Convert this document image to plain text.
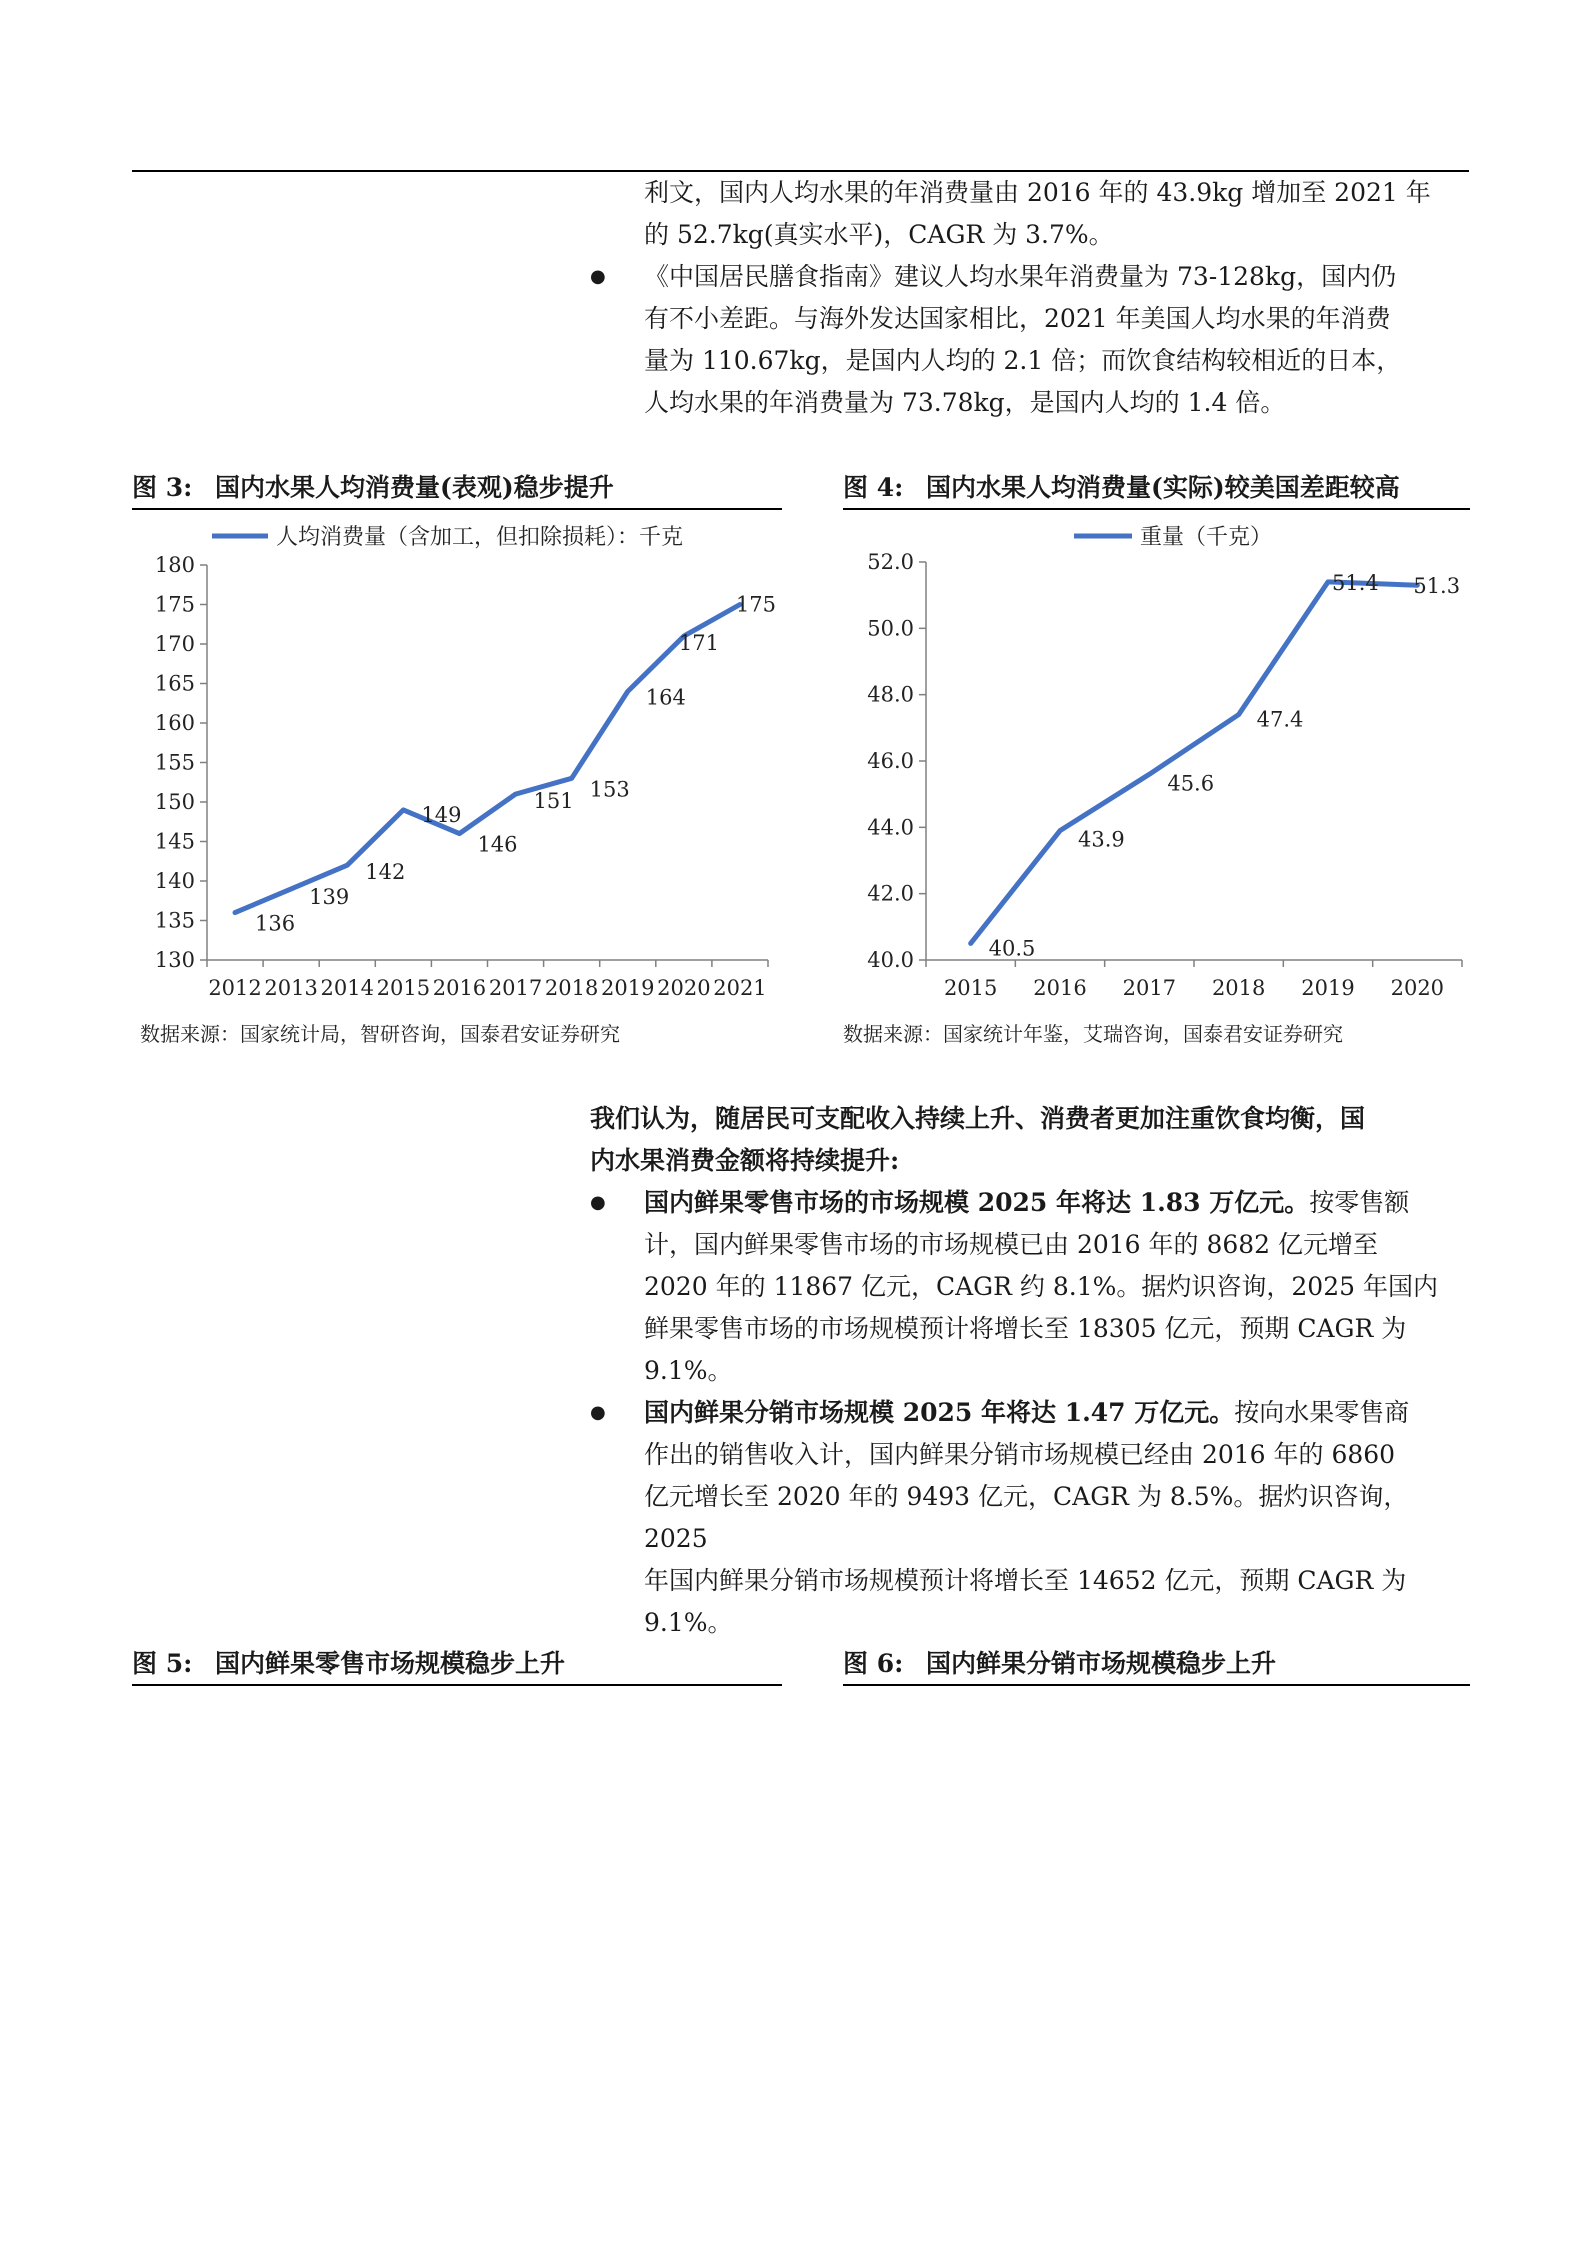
利文，国内人均水果的年消费量由 2016 年的 43.9kg 增加至 2021 年

的 52.7kg(真实水平)，CAGR 为 3.7%。

● 《中国居民膳食指南》建议人均水果年消费量为 73-128kg，国内仍

有不小差距。与海外发达国家相比，2021 年美国人均水果的年消费

量为 110.67kg，是国内人均的 2.1 倍；而饮食结构较相近的日本，

人均水果的年消费量为 73.78kg，是国内人均的 1.4 倍。

图 3: 国内水果人均消费量(表观)稳步提升	图 4: 国内水果人均消费量(实际)较美国差距较高
人均消费量（含加工，但扣除损耗）：千克
130
135
140
145
150
155
160
165
170
175
180
2012 2013 2014 2015 2016 2017 2018 2019 2020 2021
136
139
142
149
146
151 153
164
171
175
重量（千克）
40.0
42.0
44.0
46.0
48.0
50.0
52.0
2015 2016 2017 2018 2019 2020
40.5
43.9
45.6
47.4
51.4 51.3
数据来源：国家统计局，智研咨询，国泰君安证券研究	数据来源：国家统计年鉴，艾瑞咨询，国泰君安证券研究

我们认为，随居民可支配收入持续上升、消费者更加注重饮食均衡，国

内水果消费金额将持续提升:

● 国内鲜果零售市场的市场规模 2025 年将达 1.83 万亿元。按零售额

计，国内鲜果零售市场的市场规模已由 2016 年的 8682 亿元增至

2020 年的 11867 亿元，CAGR 约 8.1%。据灼识咨询，2025 年国内

鲜果零售市场的市场规模预计将增长至 18305 亿元，预期 CAGR 为

9.1%。

● 国内鲜果分销市场规模 2025 年将达 1.47 万亿元。按向水果零售商

作出的销售收入计，国内鲜果分销市场规模已经由 2016 年的 6860

亿元增长至 2020 年的 9493 亿元，CAGR 为 8.5%。据灼识咨询，2025

年国内鲜果分销市场规模预计将增长至 14652 亿元，预期 CAGR 为

9.1%。

图 5: 国内鲜果零售市场规模稳步上升	图 6: 国内鲜果分销市场规模稳步上升
